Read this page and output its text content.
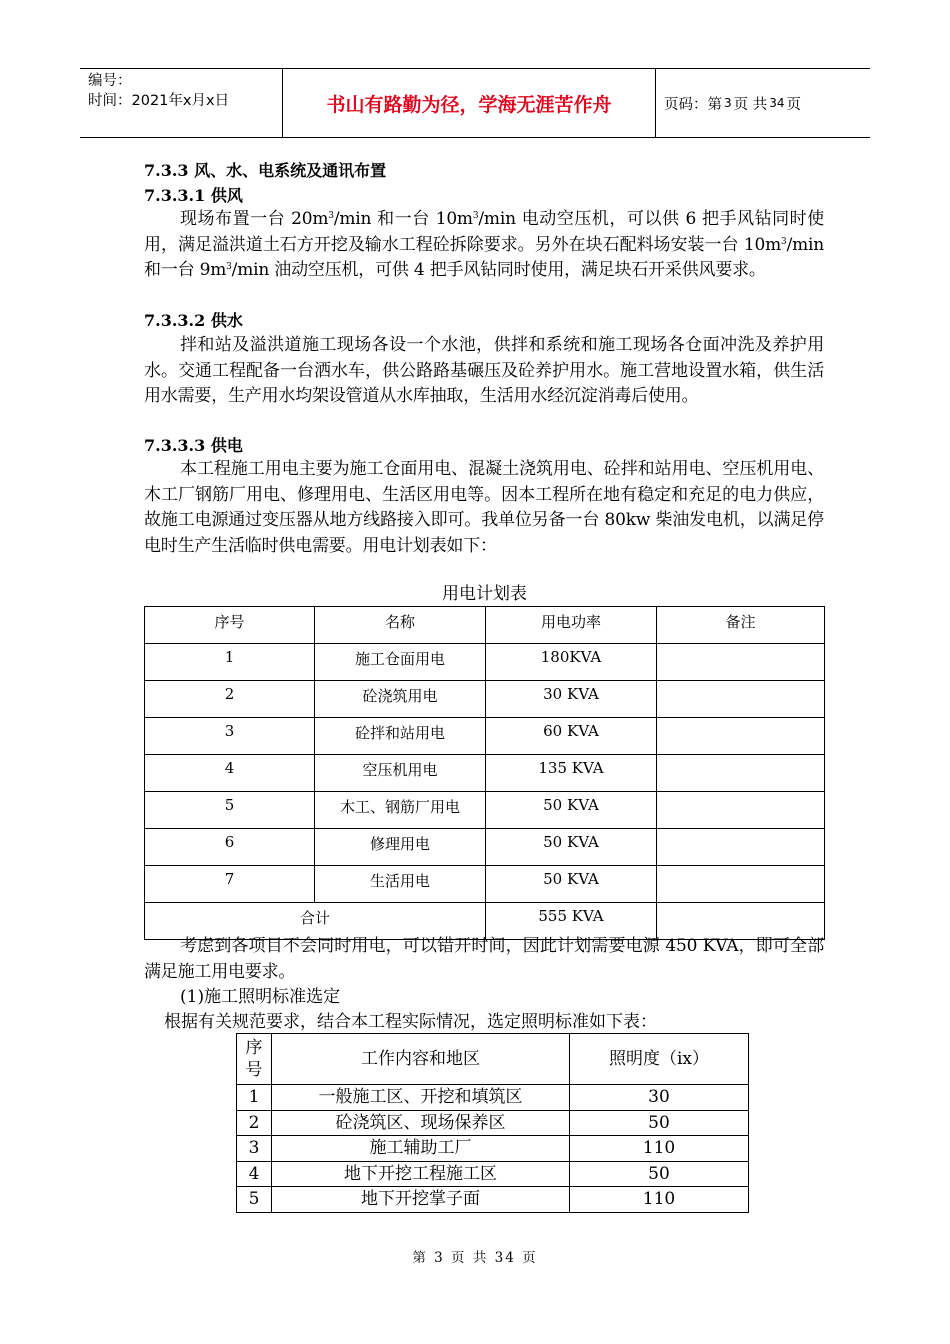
编号：
时间：2021年x月x日	书山有路勤为径，学海无涯苦作舟	页码：第 3 页 共 34 页
7.3.3 风、水、电系统及通讯布置
7.3.3.1 供风
现场布置一台 $20m^3/\min$ 和一台 $10m^3/\min$ 电动空压机，可以供 6 把手风钻同时使用，满足溢洪道土石方开挖及输水工程砼拆除要求。另外在块石配料场安装一台 $10m^3/\min$ 和一台 $9m^3/\min$ 油动空压机，可供 4 把手风钻同时使用，满足块石开采供风要求。
7.3.3.2 供水
拌和站及溢洪道施工现场各设一个水池，供拌和系统和施工现场各仓面冲洗及养护用水。交通工程配备一台洒水车，供公路路基碾压及砼养护用水。施工营地设置水箱，供生活用水需要，生产用水均架设管道从水库抽取，生活用水经沉淀消毒后使用。
7.3.3.3 供电
本工程施工用电主要为施工仓面用电、混凝土浇筑用电、砼拌和站用电、空压机用电、木工厂钢筋厂用电、修理用电、生活区用电等。因本工程所在地有稳定和充足的电力供应，故施工电源通过变压器从地方线路接入即可。我单位另备一台 80kw 柴油发电机，以满足停电时生产生活临时供电需要。用电计划表如下：
用电计划表
序号	名称	用电功率	备注
1	施工仓面用电	180KVA	
2	砼浇筑用电	30 KVA	
3	砼拌和站用电	60 KVA	
4	空压机用电	135 KVA	
5	木工、钢筋厂用电	50 KVA	
6	修理用电	50 KVA	
7	生活用电	50 KVA	
合计		555 KVA	
考虑到各项目不会同时用电，可以错开时间，因此计划需要电源 450 KVA，即可全部满足施工用电要求。
(1)施工照明标准选定
根据有关规范要求，结合本工程实际情况，选定照明标准如下表：
序
号	工作内容和地区	照明度（ix）
1	一般施工区、开挖和填筑区	30
2	砼浇筑区、现场保养区	50
3	施工辅助工厂	110
4	地下开挖工程施工区	50
5	地下开挖掌子面	110
第 3 页 共 34 页
